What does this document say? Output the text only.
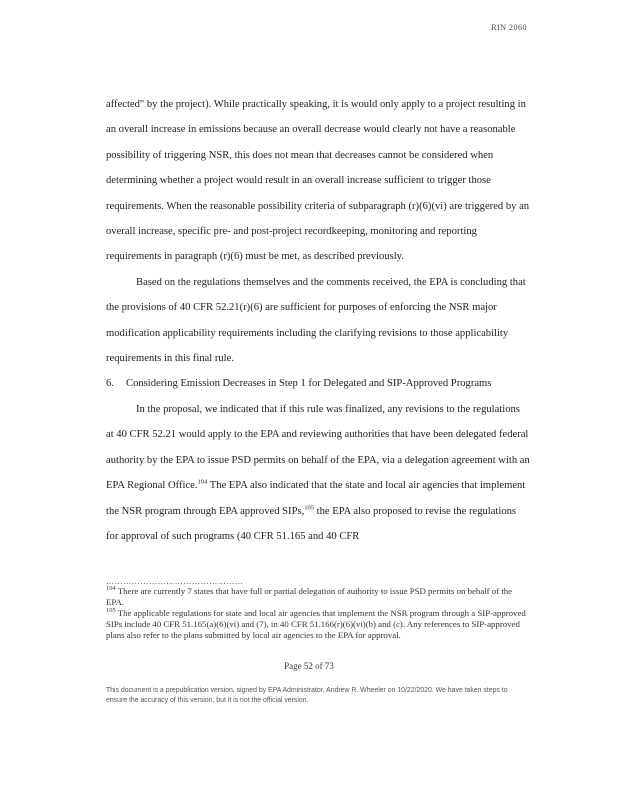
RIN 2060

affected" by the project). While practically speaking, it is would only apply to a project resulting in an overall increase in emissions because an overall decrease would clearly not have a reasonable possibility of triggering NSR, this does not mean that decreases cannot be considered when determining whether a project would result in an overall increase sufficient to trigger those requirements. When the reasonable possibility criteria of subparagraph (r)(6)(vi) are triggered by an overall increase, specific pre- and post-project recordkeeping, monitoring and reporting requirements in paragraph (r)(6) must be met, as described previously.

Based on the regulations themselves and the comments received, the EPA is concluding that the provisions of 40 CFR 52.21(r)(6) are sufficient for purposes of enforcing the NSR major modification applicability requirements including the clarifying revisions to those applicability requirements in this final rule.

6. Considering Emission Decreases in Step 1 for Delegated and SIP-Approved Programs

In the proposal, we indicated that if this rule was finalized, any revisions to the regulations at 40 CFR 52.21 would apply to the EPA and reviewing authorities that have been delegated federal authority by the EPA to issue PSD permits on behalf of the EPA, via a delegation agreement with an EPA Regional Office.$^{104}$ The EPA also indicated that the state and local air agencies that implement the NSR program through EPA approved SIPs,$^{105}$ the EPA also proposed to revise the regulations for approval of such programs (40 CFR 51.165 and 40 CFR

…………………………………………

$^{104}$ There are currently 7 states that have full or partial delegation of authority to issue PSD permits on behalf of the EPA.

$^{105}$ The applicable regulations for state and local air agencies that implement the NSR program through a SIP-approved SIPs include 40 CFR 51.165(a)(6)(vi) and (7), in 40 CFR 51.166(r)(6)(vi)(b) and (c). Any references to SIP-approved plans also refer to the plans submitted by local air agencies to the EPA for approval.

Page 52 of 73
This document is a prepublication version, signed by EPA Administrator, Andrew R. Wheeler on 10/22/2020. We have taken steps to ensure the accuracy of this version, but it is not the official version.
